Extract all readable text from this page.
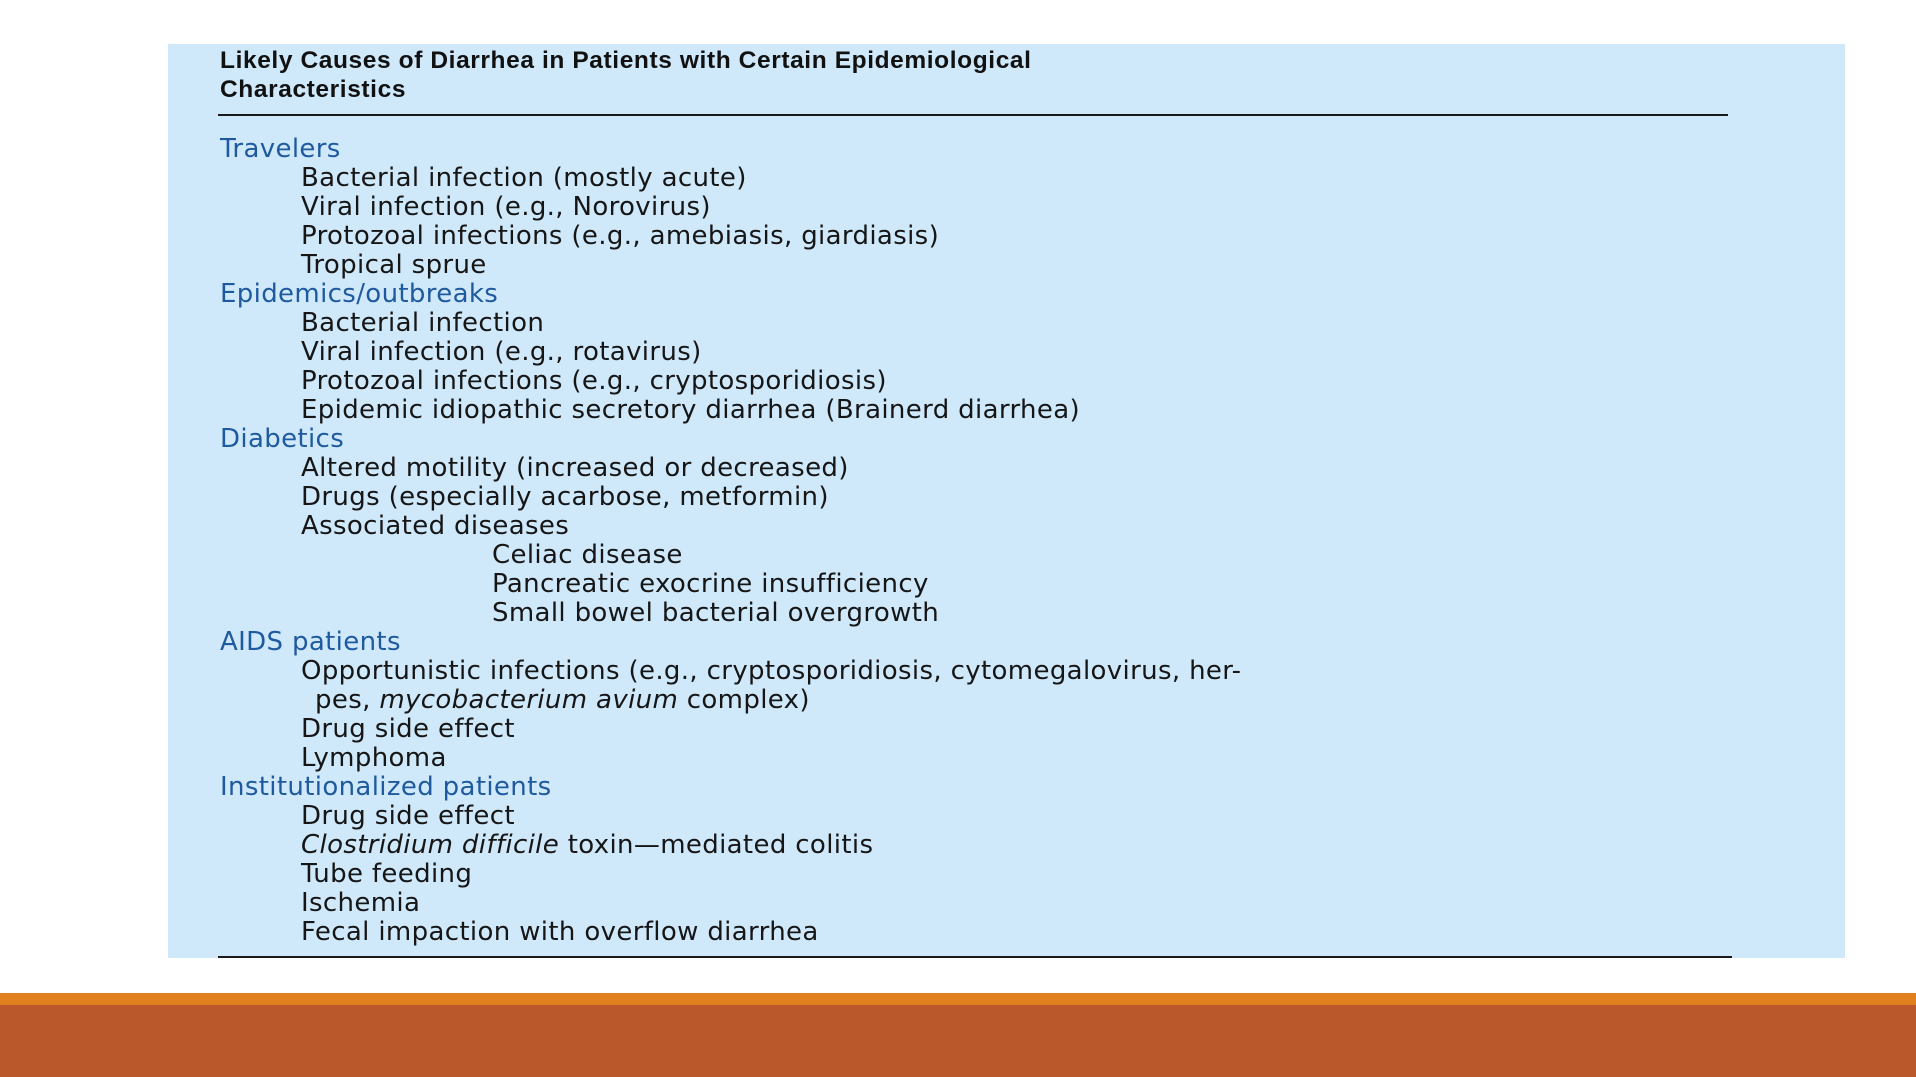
Likely Causes of Diarrhea in Patients with Certain Epidemiological
Characteristics
Travelers
Bacterial infection (mostly acute)
Viral infection (e.g., Norovirus)
Protozoal infections (e.g., amebiasis, giardiasis)
Tropical sprue
Epidemics/outbreaks
Bacterial infection
Viral infection (e.g., rotavirus)
Protozoal infections (e.g., cryptosporidiosis)
Epidemic idiopathic secretory diarrhea (Brainerd diarrhea)
Diabetics
Altered motility (increased or decreased)
Drugs (especially acarbose, metformin)
Associated diseases
Celiac disease
Pancreatic exocrine insufficiency
Small bowel bacterial overgrowth
AIDS patients
Opportunistic infections (e.g., cryptosporidiosis, cytomegalovirus, her-
pes, mycobacterium avium complex)
Drug side effect
Lymphoma
Institutionalized patients
Drug side effect
Clostridium difficile toxin—mediated colitis
Tube feeding
Ischemia
Fecal impaction with overflow diarrhea
